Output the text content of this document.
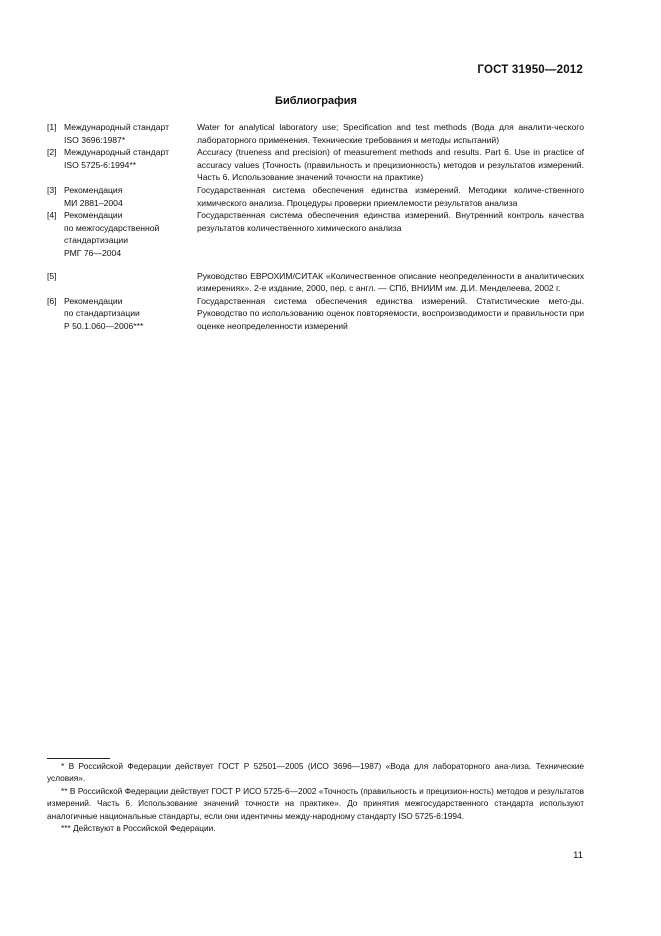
ГОСТ 31950—2012
Библиография
[1] Международный стандарт
ISO 3696:1987*
Water for analytical laboratory use; Specification and test methods (Вода для аналити-ческого лабораторного применения. Технические требования и методы испытаний)
[2] Международный стандарт
ISO 5725-6:1994**
Accuracy (trueness and precision) of measurement methods and results. Part 6. Use in practice of accuracy values (Точность (правильность и прецизионность) методов и результатов измерений. Часть 6. Использование значений точности на практике)
[3] Рекомендация
МИ 2881–2004
Государственная система обеспечения единства измерений. Методики количе-ственного химического анализа. Процедуры проверки приемлемости результатов анализа
[4] Рекомендации
по межгосударственной
стандартизации
РМГ 76—2004
Государственная система обеспечения единства измерений. Внутренний контроль качества результатов количественного химического анализа
[5]	Руководство ЕВРОХИМ/СИТАК «Количественное описание неопределенности в аналитических измерениях». 2-е издание, 2000, пер. с англ. — СПб, ВНИИМ им. Д.И. Менделеева, 2002 г.
[6] Рекомендации
по стандартизации
Р 50.1.060—2006***
Государственная система обеспечения единства измерений. Статистические мето-ды. Руководство по использованию оценок повторяемости, воспроизводимости и правильности при оценке неопределенности измерений

* В Российской Федерации действует ГОСТ Р 52501—2005 (ИСО 3696—1987) «Вода для лабораторного ана-лиза. Технические условия».

** В Российской Федерации действует ГОСТ Р ИСО 5725-6—2002 «Точность (правильность и прецизион-ность) методов и результатов измерений. Часть 6. Использование значений точности на практике». До принятия межгосударственного стандарта используют аналогичные национальные стандарты, если они идентичны между-народному стандарту ISO 5725-6:1994.

*** Действуют в Российской Федерации.

11
